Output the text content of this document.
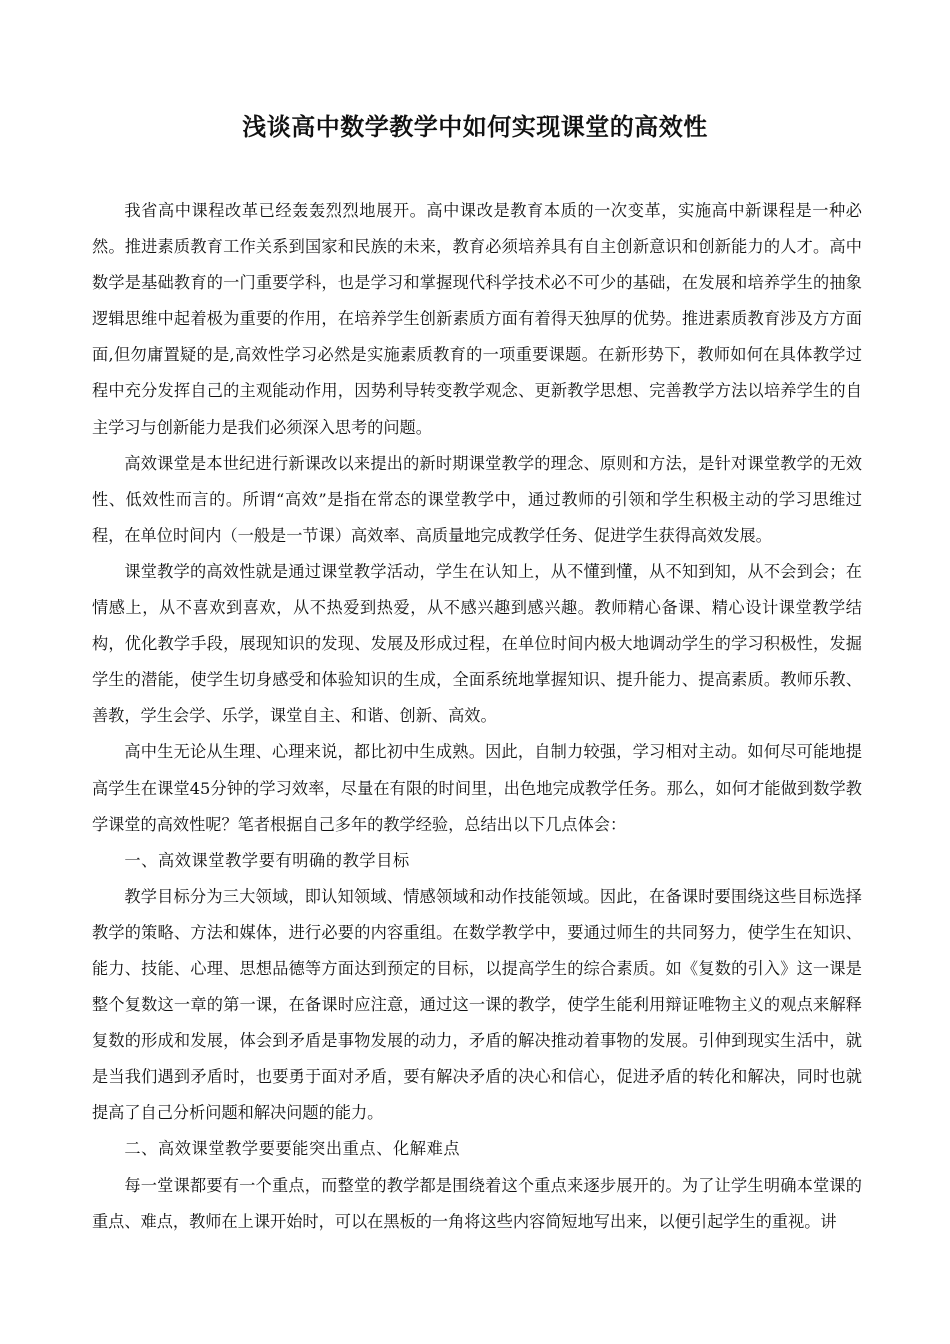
浅谈高中数学教学中如何实现课堂的高效性

我省高中课程改革已经轰轰烈烈地展开。高中课改是教育本质的一次变革，实施高中新课程是一种必然。推进素质教育工作关系到国家和民族的未来，教育必须培养具有自主创新意识和创新能力的人才。高中数学是基础教育的一门重要学科，也是学习和掌握现代科学技术必不可少的基础，在发展和培养学生的抽象逻辑思维中起着极为重要的作用，在培养学生创新素质方面有着得天独厚的优势。推进素质教育涉及方方面面,但勿庸置疑的是,高效性学习必然是实施素质教育的一项重要课题。在新形势下，教师如何在具体教学过程中充分发挥自己的主观能动作用，因势利导转变教学观念、更新教学思想、完善教学方法以培养学生的自主学习与创新能力是我们必须深入思考的问题。

高效课堂是本世纪进行新课改以来提出的新时期课堂教学的理念、原则和方法，是针对课堂教学的无效性、低效性而言的。所谓“高效”是指在常态的课堂教学中，通过教师的引领和学生积极主动的学习思维过程，在单位时间内（一般是一节课）高效率、高质量地完成教学任务、促进学生获得高效发展。

课堂教学的高效性就是通过课堂教学活动，学生在认知上，从不懂到懂，从不知到知，从不会到会；在情感上，从不喜欢到喜欢，从不热爱到热爱，从不感兴趣到感兴趣。教师精心备课、精心设计课堂教学结构，优化教学手段，展现知识的发现、发展及形成过程，在单位时间内极大地调动学生的学习积极性，发掘学生的潜能，使学生切身感受和体验知识的生成，全面系统地掌握知识、提升能力、提高素质。教师乐教、善教，学生会学、乐学，课堂自主、和谐、创新、高效。

高中生无论从生理、心理来说，都比初中生成熟。因此，自制力较强，学习相对主动。如何尽可能地提高学生在课堂45分钟的学习效率，尽量在有限的时间里，出色地完成教学任务。那么，如何才能做到数学教学课堂的高效性呢？笔者根据自己多年的教学经验，总结出以下几点体会：

一、高效课堂教学要有明确的教学目标

教学目标分为三大领域，即认知领域、情感领域和动作技能领域。因此，在备课时要围绕这些目标选择教学的策略、方法和媒体，进行必要的内容重组。在数学教学中，要通过师生的共同努力，使学生在知识、能力、技能、心理、思想品德等方面达到预定的目标，以提高学生的综合素质。如《复数的引入》这一课是整个复数这一章的第一课，在备课时应注意，通过这一课的教学，使学生能利用辩证唯物主义的观点来解释复数的形成和发展，体会到矛盾是事物发展的动力，矛盾的解决推动着事物的发展。引伸到现实生活中，就是当我们遇到矛盾时，也要勇于面对矛盾，要有解决矛盾的决心和信心，促进矛盾的转化和解决，同时也就提高了自己分析问题和解决问题的能力。

二、高效课堂教学要要能突出重点、化解难点

每一堂课都要有一个重点，而整堂的教学都是围绕着这个重点来逐步展开的。为了让学生明确本堂课的重点、难点，教师在上课开始时，可以在黑板的一角将这些内容简短地写出来，以便引起学生的重视。讲
